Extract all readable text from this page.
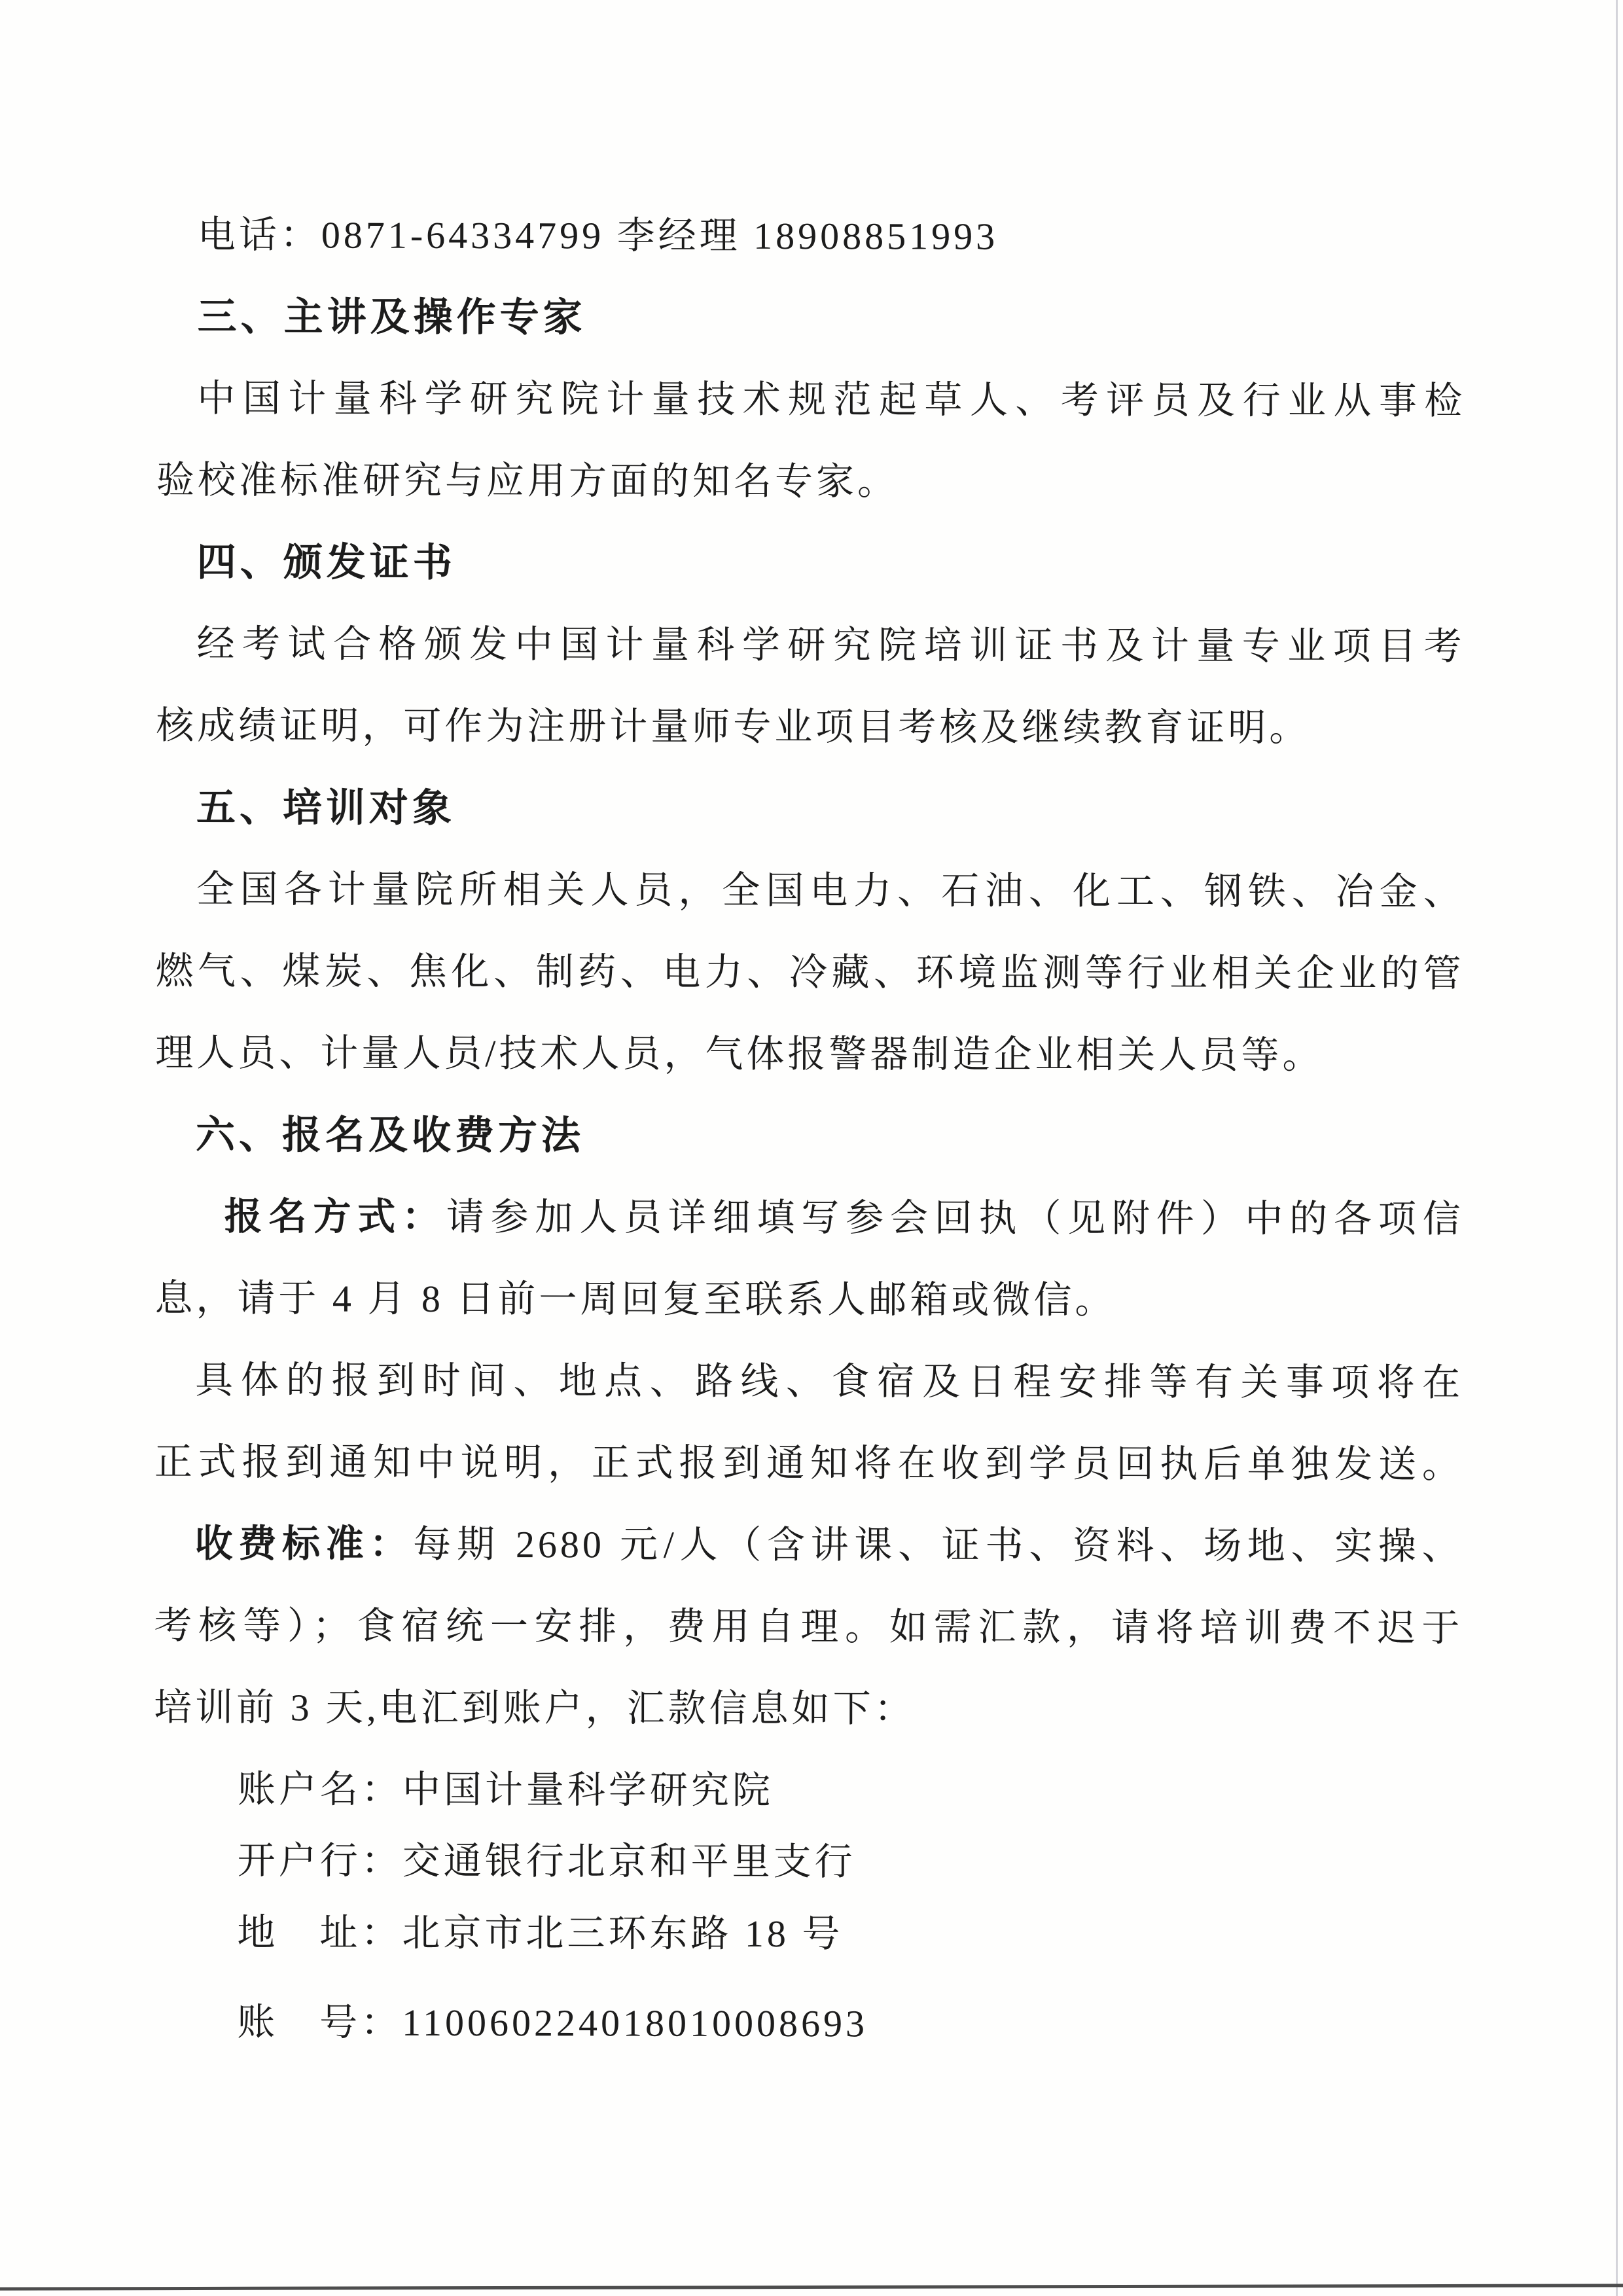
电话：0871-64334799 李经理 18908851993
三、主讲及操作专家
中国计量科学研究院计量技术规范起草人、考评员及行业从事检
验校准标准研究与应用方面的知名专家。
四、颁发证书
经考试合格颁发中国计量科学研究院培训证书及计量专业项目考
核成绩证明，可作为注册计量师专业项目考核及继续教育证明。
五、培训对象
全国各计量院所相关人员，全国电力、石油、化工、钢铁、冶金、
燃气、煤炭、焦化、制药、电力、冷藏、环境监测等行业相关企业的管
理人员、计量人员/技术人员，气体报警器制造企业相关人员等。
六、报名及收费方法
报名方式：请参加人员详细填写参会回执（见附件）中的各项信
息，请于 4 月 8 日前一周回复至联系人邮箱或微信。
具体的报到时间、地点、路线、食宿及日程安排等有关事项将在
正式报到通知中说明，正式报到通知将在收到学员回执后单独发送。
收费标准：每期 2680 元/人（含讲课、证书、资料、场地、实操、
考核等）；食宿统一安排，费用自理。如需汇款，请将培训费不迟于
培训前 3 天,电汇到账户，汇款信息如下：
账户名：中国计量科学研究院
开户行：交通银行北京和平里支行
地　址：北京市北三环东路 18 号
账　号：110060224018010008693
